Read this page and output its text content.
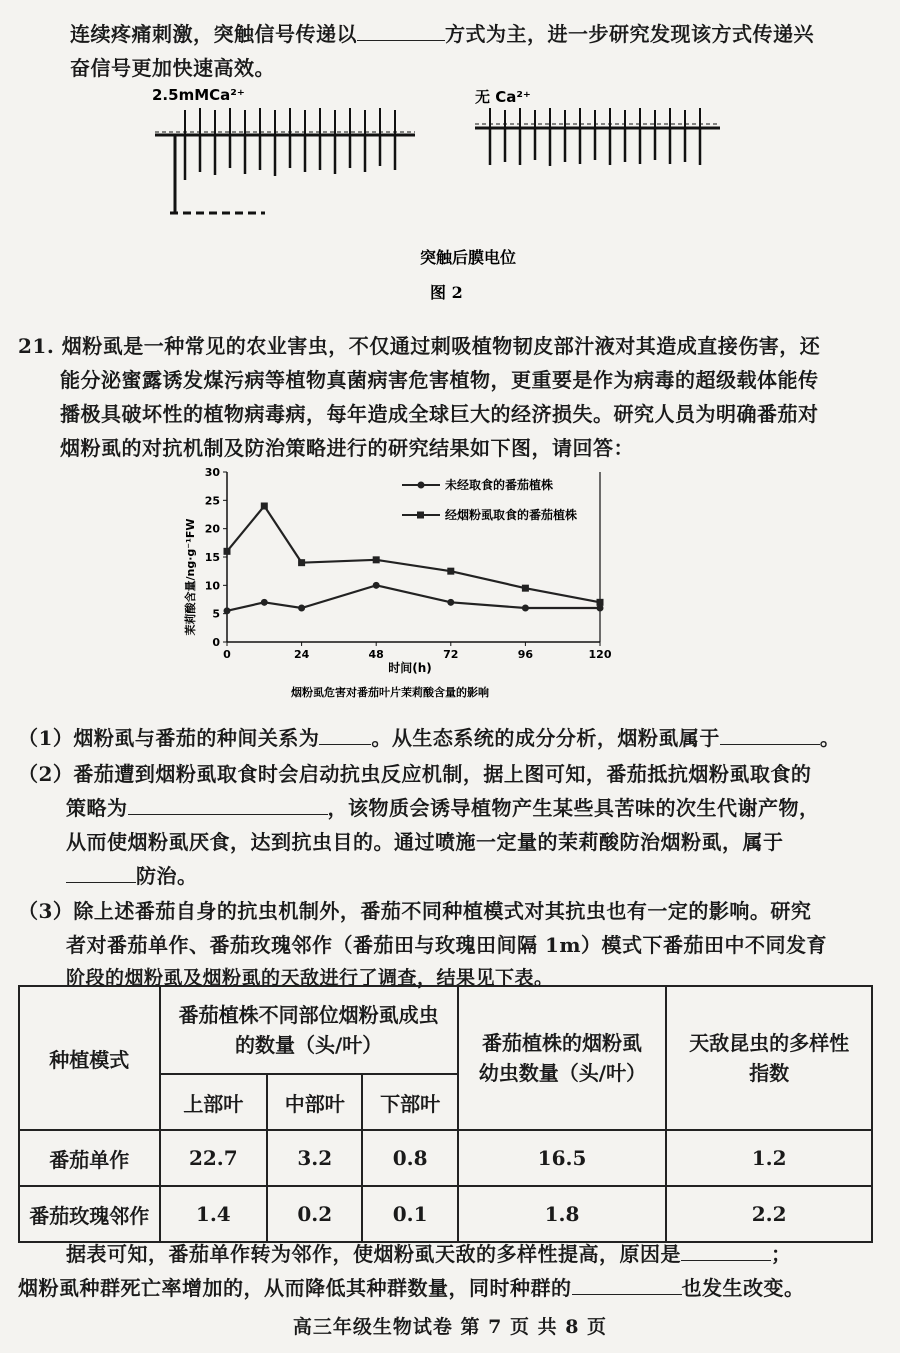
连续疼痛刺激，突触信号传递以	方式为主，进一步研究发现该方式传递兴
奋信号更加快速高效。
2.5mMCa²⁺	无 Ca²⁺
突触后膜电位
图 2
21. 烟粉虱是一种常见的农业害虫，不仅通过刺吸植物韧皮部汁液对其造成直接伤害，还
能分泌蜜露诱发煤污病等植物真菌病害危害植物，更重要是作为病毒的超级载体能传
播极具破坏性的植物病毒病，每年造成全球巨大的经济损失。研究人员为明确番茄对
烟粉虱的对抗机制及防治策略进行的研究结果如下图，请回答：
0
5
10
15
20
25
30
0	24	48	72	96	120
茉莉酸含量/ng·g⁻¹FW
时间(h)
烟粉虱危害对番茄叶片茉莉酸含量的影响
未经取食的番茄植株
经烟粉虱取食的番茄植株
（1）烟粉虱与番茄的种间关系为	。从生态系统的成分分析，烟粉虱属于	。
（2）番茄遭到烟粉虱取食时会启动抗虫反应机制，据上图可知，番茄抵抗烟粉虱取食的
策略为	，该物质会诱导植物产生某些具苦味的次生代谢产物，
从而使烟粉虱厌食，达到抗虫目的。通过喷施一定量的茉莉酸防治烟粉虱，属于
防治。
（3）除上述番茄自身的抗虫机制外，番茄不同种植模式对其抗虫也有一定的影响。研究
者对番茄单作、番茄玫瑰邻作（番茄田与玫瑰田间隔 1m）模式下番茄田中不同发育
阶段的烟粉虱及烟粉虱的天敌进行了调查，结果见下表。
种植模式	番茄植株不同部位烟粉虱成虫的数量（头/叶）			番茄植株的烟粉虱幼虫数量（头/叶）	天敌昆虫的多样性指数
	上部叶	中部叶	下部叶		
番茄单作	22.7	3.2	0.8	16.5	1.2
番茄玫瑰邻作	1.4	0.2	0.1	1.8	2.2
据表可知，番茄单作转为邻作，使烟粉虱天敌的多样性提高，原因是	；
烟粉虱种群死亡率增加的，从而降低其种群数量，同时种群的	也发生改变。
高三年级生物试卷 第 7 页 共 8 页
